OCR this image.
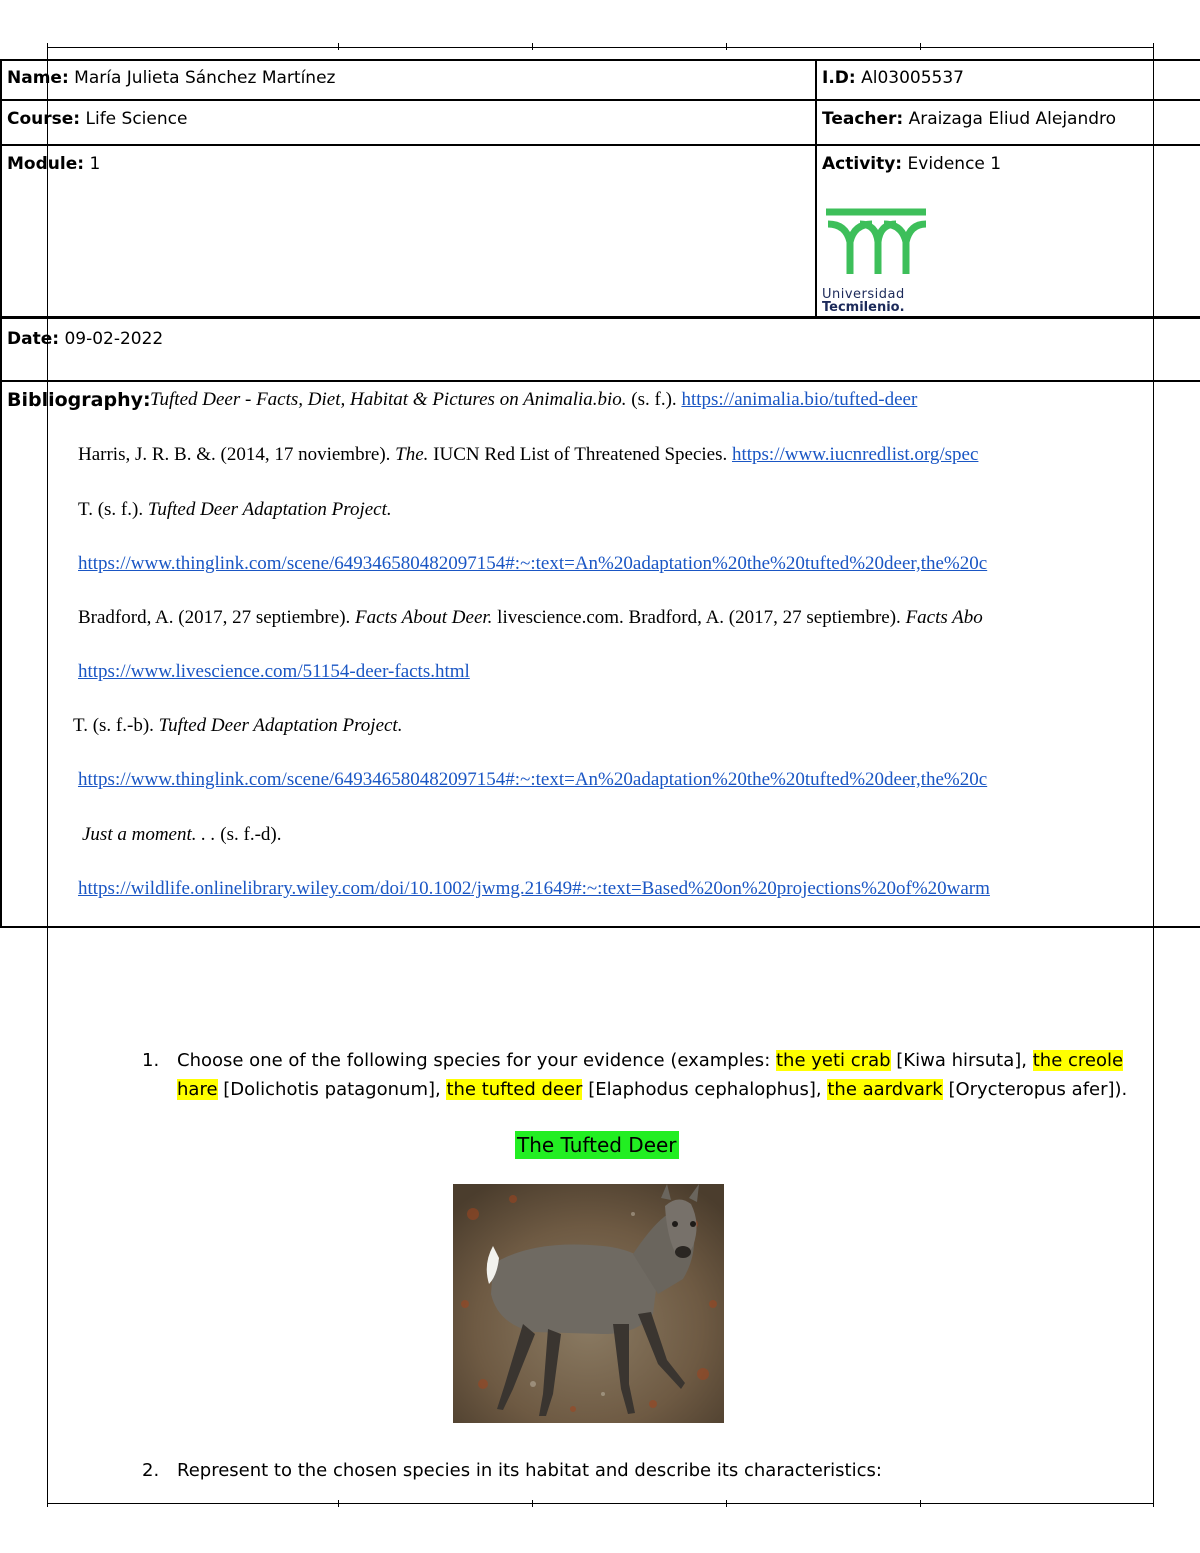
Name: María Julieta Sánchez Martínez	I.D: Al03005537
Course: Life Science	Teacher: Araizaga Eliud Alejandro
Module: 1	Activity: Evidence 1
Universidad
Tecmilenio.
Date: 09-02-2022
Bibliography: Tufted Deer - Facts, Diet, Habitat & Pictures on Animalia.bio. (s. f.). https://animalia.bio/tufted-deer
Harris, J. R. B. &. (2014, 17 noviembre). The. IUCN Red List of Threatened Species. https://www.iucnredlist.org/spec
T. (s. f.). Tufted Deer Adaptation Project.
https://www.thinglink.com/scene/649346580482097154#:~:text=An%20adaptation%20the%20tufted%20deer,the%20c
Bradford, A. (2017, 27 septiembre). Facts About Deer. livescience.com. Bradford, A. (2017, 27 septiembre). Facts Abo
https://www.livescience.com/51154-deer-facts.html
T. (s. f.-b). Tufted Deer Adaptation Project.
https://www.thinglink.com/scene/649346580482097154#:~:text=An%20adaptation%20the%20tufted%20deer,the%20c
Just a moment. . . (s. f.-d).
https://wildlife.onlinelibrary.wiley.com/doi/10.1002/jwmg.21649#:~:text=Based%20on%20projections%20of%20warm
1. Choose one of the following species for your evidence (examples: the yeti crab [Kiwa hirsuta], the creole hare [Dolichotis patagonum], the tufted deer [Elaphodus cephalophus], the aardvark [Orycteropus afer]).
The Tufted Deer
2. Represent to the chosen species in its habitat and describe its characteristics:
